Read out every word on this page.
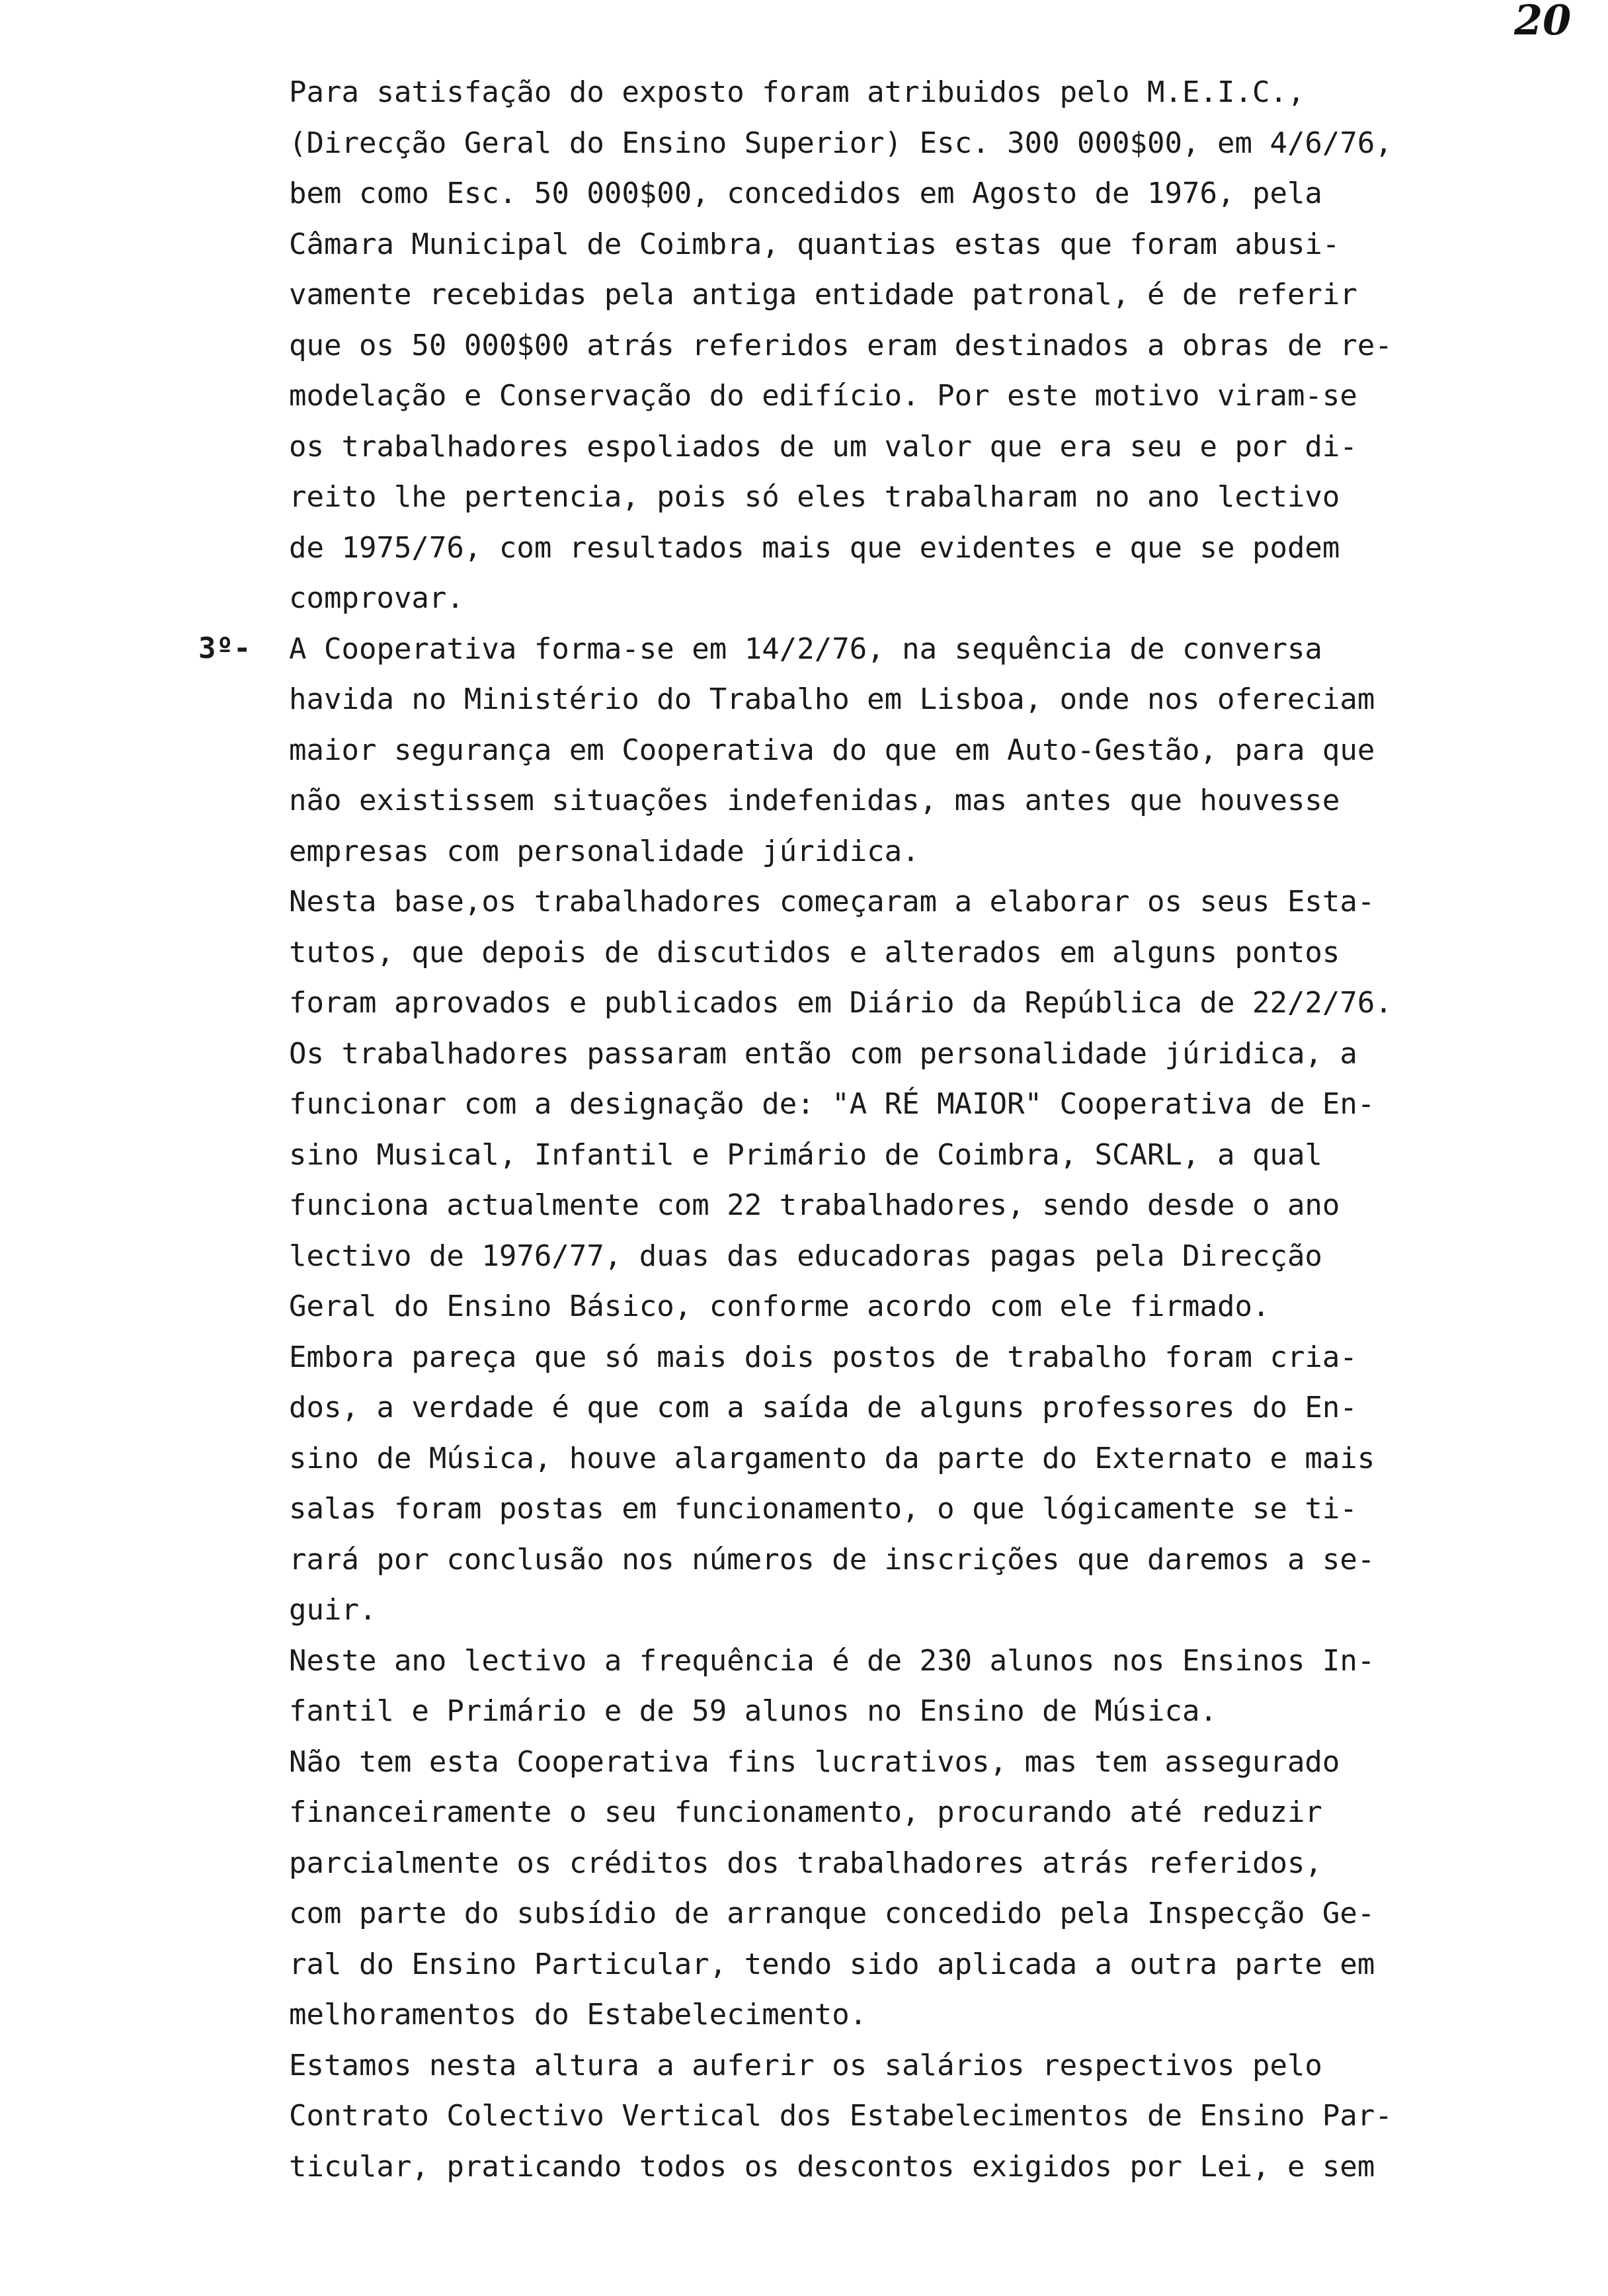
20
3º-
Para satisfação do exposto foram atribuidos pelo M.E.I.C.,
(Direcção Geral do Ensino Superior) Esc. 300 000$00, em 4/6/76,
bem como Esc. 50 000$00, concedidos em Agosto de 1976, pela
Câmara Municipal de Coimbra, quantias estas que foram abusi-
vamente recebidas pela antiga entidade patronal, é de referir
que os 50 000$00 atrás referidos eram destinados a obras de re-
modelação e Conservação do edifício. Por este motivo viram-se
os trabalhadores espoliados de um valor que era seu e por di-
reito lhe pertencia, pois só eles trabalharam no ano lectivo
de 1975/76, com resultados mais que evidentes e que se podem
comprovar.
A Cooperativa forma-se em 14/2/76, na sequência de conversa
havida no Ministério do Trabalho em Lisboa, onde nos ofereciam
maior segurança em Cooperativa do que em Auto-Gestão, para que
não existissem situações indefenidas, mas antes que houvesse
empresas com personalidade júridica.
Nesta base,os trabalhadores começaram a elaborar os seus Esta-
tutos, que depois de discutidos e alterados em alguns pontos
foram aprovados e publicados em Diário da República de 22/2/76.
Os trabalhadores passaram então com personalidade júridica, a
funcionar com a designação de: "A RÉ MAIOR" Cooperativa de En-
sino Musical, Infantil e Primário de Coimbra, SCARL, a qual
funciona actualmente com 22 trabalhadores, sendo desde o ano
lectivo de 1976/77, duas das educadoras pagas pela Direcção
Geral do Ensino Básico, conforme acordo com ele firmado.
Embora pareça que só mais dois postos de trabalho foram cria-
dos, a verdade é que com a saída de alguns professores do En-
sino de Música, houve alargamento da parte do Externato e mais
salas foram postas em funcionamento, o que lógicamente se ti-
rará por conclusão nos números de inscrições que daremos a se-
guir.
Neste ano lectivo a frequência é de 230 alunos nos Ensinos In-
fantil e Primário e de 59 alunos no Ensino de Música.
Não tem esta Cooperativa fins lucrativos, mas tem assegurado
financeiramente o seu funcionamento, procurando até reduzir
parcialmente os créditos dos trabalhadores atrás referidos,
com parte do subsídio de arranque concedido pela Inspecção Ge-
ral do Ensino Particular, tendo sido aplicada a outra parte em
melhoramentos do Estabelecimento.
Estamos nesta altura a auferir os salários respectivos pelo
Contrato Colectivo Vertical dos Estabelecimentos de Ensino Par-
ticular, praticando todos os descontos exigidos por Lei, e sem
